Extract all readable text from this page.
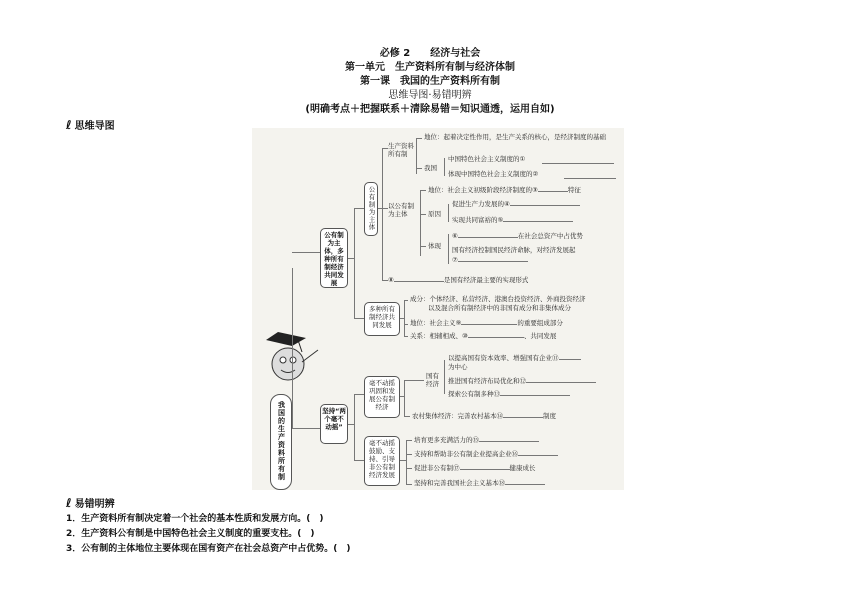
必修 2　　经济与社会
第一单元　生产资料所有制与经济体制
第一课　我国的生产资料所有制
思维导图·易错明辨
(明确考点＋把握联系＋清除易错＝知识通透，运用自如)
ℓ 思维导图
我国的生产资料所有制
公有制为主体，多种所有制经济共同发展
坚持“两个毫不动摇”
公有制为主体
多种所有制经济共同发展
生产资料所有制
地位：起着决定性作用，是生产关系的核心，是经济制度的基础
我国
中国特色社会主义制度的①
体现中国特色社会主义制度的②
以公有制为主体
地位：社会主义初级阶段经济制度的③	特征
原因
促进生产力发展的④
实现共同富裕的⑤
体现
⑥	在社会总资产中占优势
国有经济控制国民经济命脉，对经济发展起
⑦
⑧	是国有经济最主要的实现形式
成分：个体经济、私营经济、港澳台投资经济、外商投资经济
以及混合所有制经济中的非国有成分和非集体成分
地位：社会主义⑨	的重要组成部分
关系：相辅相成、⑩	、共同发展
毫不动摇巩固和发展公有制经济
毫不动摇鼓励、支持、引导非公有制经济发展
国有经济
以提高国有资本效率、增强国有企业⑪
为中心
推进国有经济布局优化和⑫
探索公有制多种⑬
农村集体经济：完善农村基本⑭	制度
培育更多充满活力的⑮
支持和帮助非公有制企业提高企业⑯
促进非公有制⑰	健康成长
坚持和完善我国社会主义基本⑱
ℓ 易错明辨
1．生产资料所有制决定着一个社会的基本性质和发展方向。(　)
2．生产资料公有制是中国特色社会主义制度的重要支柱。(　)
3．公有制的主体地位主要体现在国有资产在社会总资产中占优势。(　)
